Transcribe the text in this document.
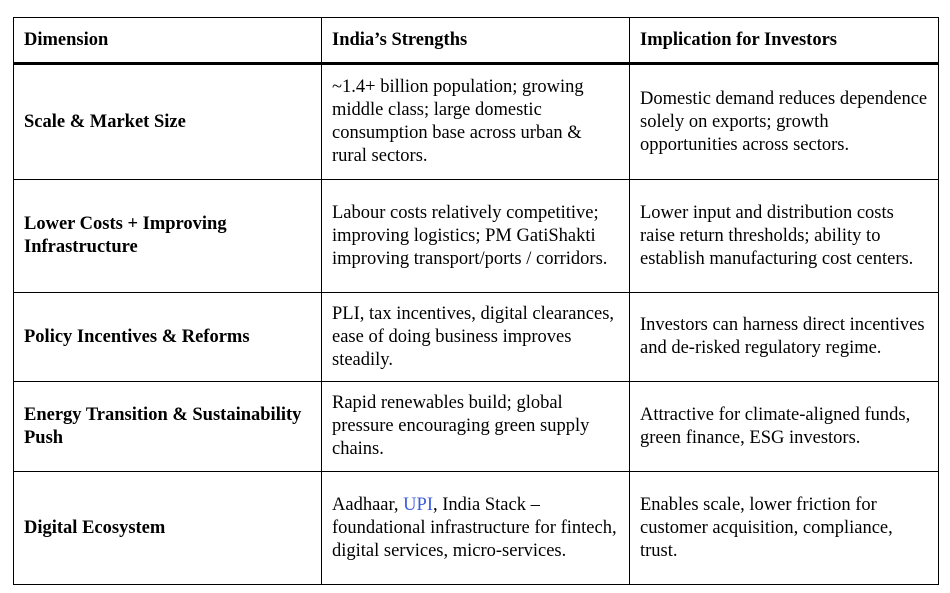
Dimension	India’s Strengths	Implication for Investors
Scale & Market Size	~1.4+ billion population; growing middle class; large domestic consumption base across urban & rural sectors.	Domestic demand reduces dependence solely on exports; growth opportunities across sectors.
Lower Costs + Improving Infrastructure	Labour costs relatively competitive; improving logistics; PM GatiShakti improving transport/ports / corridors.	Lower input and distribution costs raise return thresholds; ability to establish manufacturing cost centers.
Policy Incentives & Reforms	PLI, tax incentives, digital clearances, ease of doing business improves steadily.	Investors can harness direct incentives and de-risked regulatory regime.
Energy Transition & Sustainability Push	Rapid renewables build; global pressure encouraging green supply chains.	Attractive for climate-aligned funds, green finance, ESG investors.
Digital Ecosystem	Aadhaar, UPI, India Stack – foundational infrastructure for fintech, digital services, micro-services.	Enables scale, lower friction for customer acquisition, compliance, trust.
